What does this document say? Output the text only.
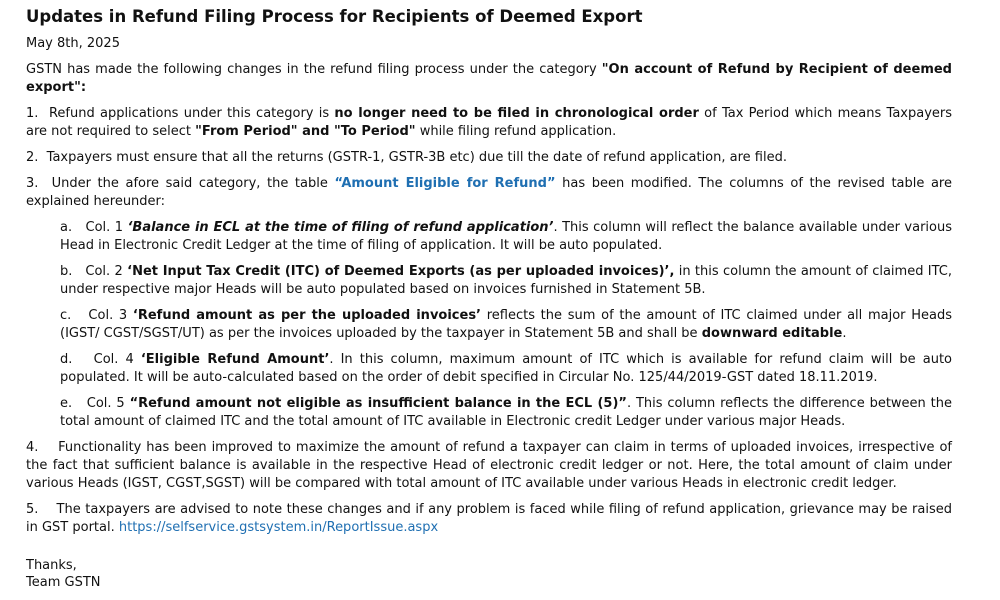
Updates in Refund Filing Process for Recipients of Deemed Export
May 8th, 2025

GSTN has made the following changes in the refund filing process under the category "On account of Refund by Recipient of deemed export":

1. Refund applications under this category is no longer need to be filed in chronological order of Tax Period which means Taxpayers are not required to select "From Period" and "To Period" while filing refund application.

2. Taxpayers must ensure that all the returns (GSTR-1, GSTR-3B etc) due till the date of refund application, are filed.

3. Under the afore said category, the table “Amount Eligible for Refund” has been modified. The columns of the revised table are explained hereunder:

a. Col. 1 ‘Balance in ECL at the time of filing of refund application’. This column will reflect the balance available under various Head in Electronic Credit Ledger at the time of filing of application. It will be auto populated.

b. Col. 2 ‘Net Input Tax Credit (ITC) of Deemed Exports (as per uploaded invoices)’, in this column the amount of claimed ITC, under respective major Heads will be auto populated based on invoices furnished in Statement 5B.

c. Col. 3 ‘Refund amount as per the uploaded invoices’ reflects the sum of the amount of ITC claimed under all major Heads (IGST/ CGST/SGST/UT) as per the invoices uploaded by the taxpayer in Statement 5B and shall be downward editable.

d. Col. 4 ‘Eligible Refund Amount’. In this column, maximum amount of ITC which is available for refund claim will be auto populated. It will be auto-calculated based on the order of debit specified in Circular No. 125/44/2019-GST dated 18.11.2019.

e. Col. 5 “Refund amount not eligible as insufficient balance in the ECL (5)”. This column reflects the difference between the total amount of claimed ITC and the total amount of ITC available in Electronic credit Ledger under various major Heads.

4. Functionality has been improved to maximize the amount of refund a taxpayer can claim in terms of uploaded invoices, irrespective of the fact that sufficient balance is available in the respective Head of electronic credit ledger or not. Here, the total amount of claim under various Heads (IGST, CGST,SGST) will be compared with total amount of ITC available under various Heads in electronic credit ledger.

5. The taxpayers are advised to note these changes and if any problem is faced while filing of refund application, grievance may be raised in GST portal. https://selfservice.gstsystem.in/ReportIssue.aspx

Thanks,
Team GSTN
